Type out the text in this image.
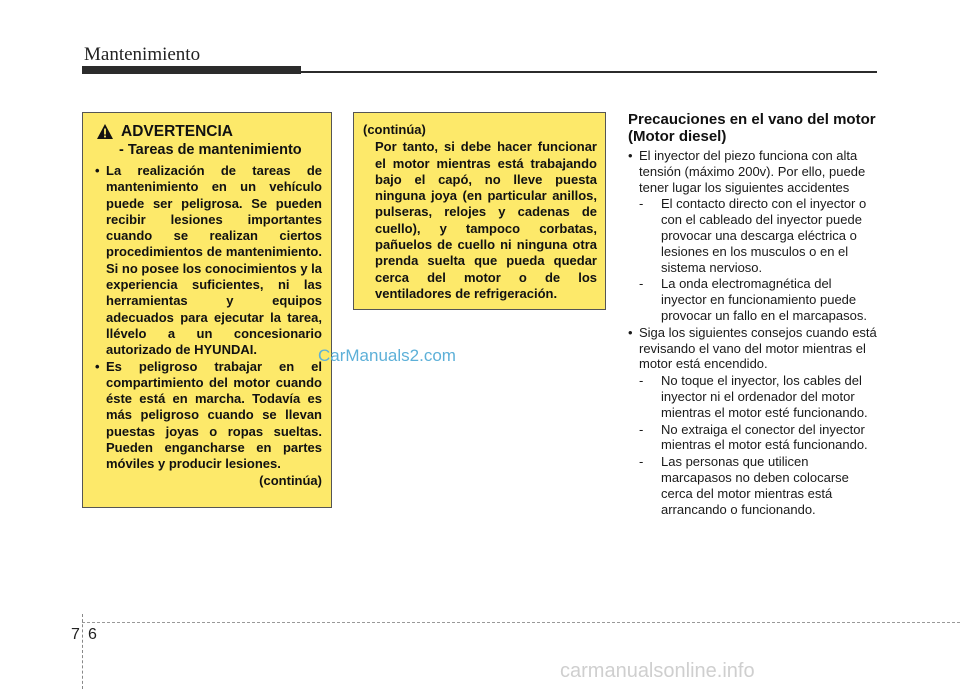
Mantenimiento
ADVERTENCIA
- Tareas de mantenimiento

• La realización de tareas de mantenimiento en un vehículo puede ser peligrosa. Se pueden recibir lesiones importantes cuando se realizan ciertos procedimientos de mantenimiento. Si no posee los conocimientos y la experiencia suficientes, ni las herramientas y equipos adecuados para ejecutar la tarea, llévelo a un concesionario autorizado de HYUNDAI.

• Es peligroso trabajar en el compartimiento del motor cuando éste está en marcha. Todavía es más peligroso cuando se llevan puestas joyas o ropas sueltas. Pueden engancharse en partes móviles y producir lesiones.

(continúa)
(continúa)
Por tanto, si debe hacer funcionar el motor mientras está trabajando bajo el capó, no lleve puesta ninguna joya (en particular anillos, pulseras, relojes y cadenas de cuello), y tampoco corbatas, pañuelos de cuello ni ninguna otra prenda suelta que pueda quedar cerca del motor o de los ventiladores de refrigeración.
Precauciones en el vano del motor (Motor diesel)
• El inyector del piezo funciona con alta tensión (máximo 200v). Por ello, puede tener lugar los siguientes accidentes
- El contacto directo con el inyector o con el cableado del inyector puede provocar una descarga eléctrica o lesiones en los musculos o en el sistema nervioso.
- La onda electromagnética del inyector en funcionamiento puede provocar un fallo en el marcapasos.
• Siga los siguientes consejos cuando está revisando el vano del motor mientras el motor está encendido.
- No toque el inyector, los cables del inyector ni el ordenador del motor mientras el motor esté funcionando.
- No extraiga el conector del inyector mientras el motor está funcionando.
- Las personas que utilicen marcapasos no deben colocarse cerca del motor mientras está arrancando o funcionando.
CarManuals2.com
7 6
carmanualsonline.info
